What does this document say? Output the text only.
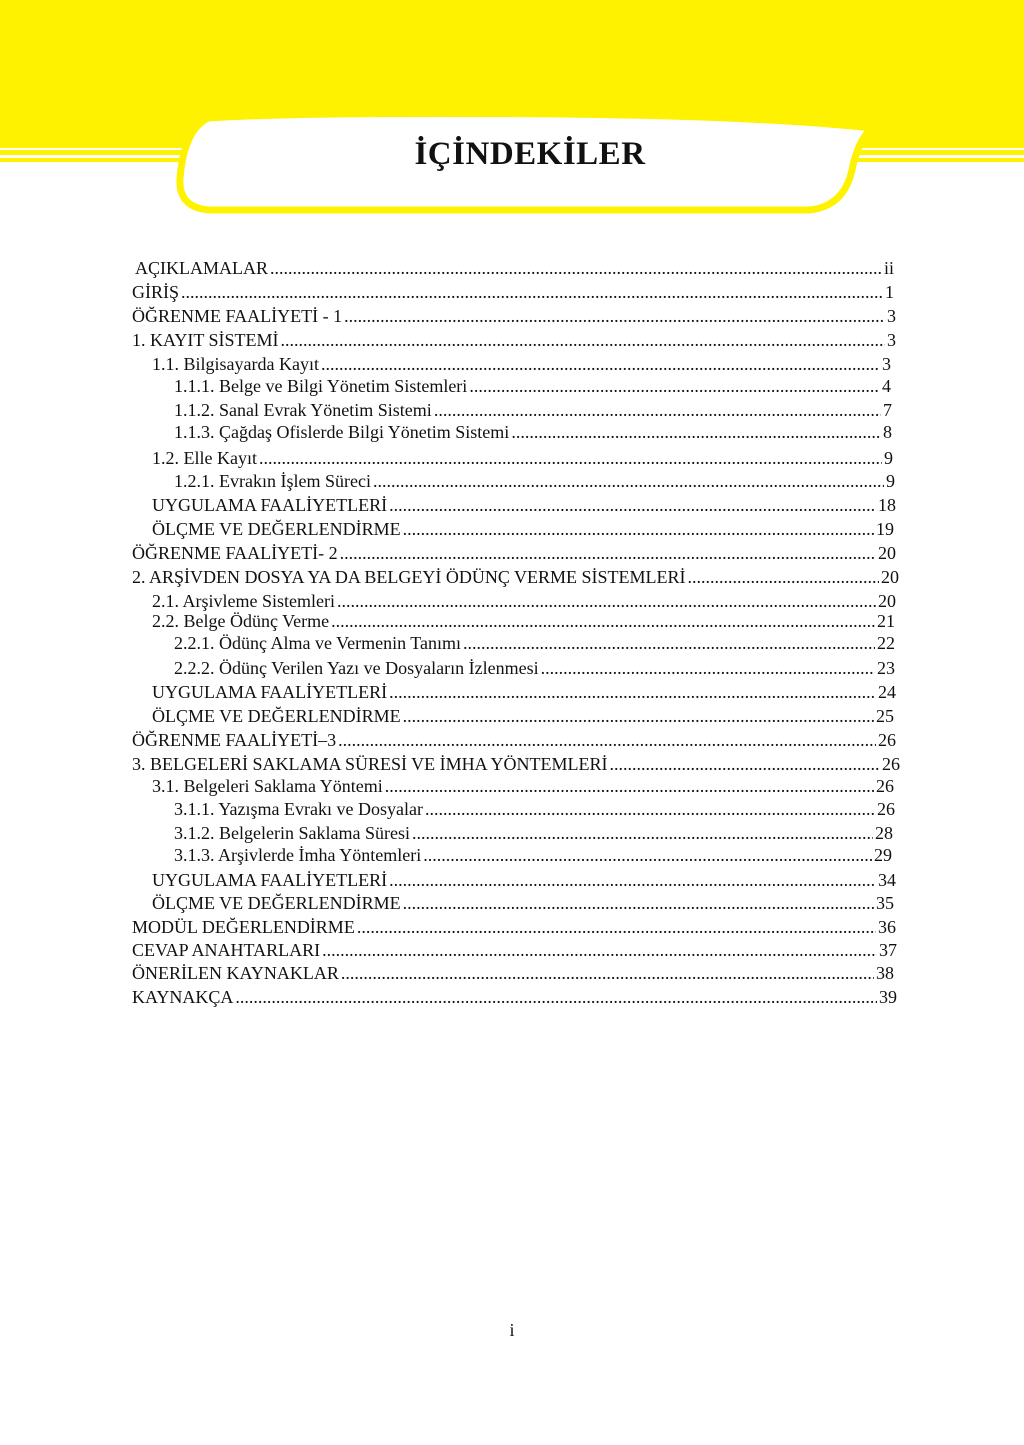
İÇİNDEKİLER
AÇIKLAMALAR .....	ii
GİRİŞ .....	1
ÖĞRENME FAALİYETİ - 1 .....	3
1. KAYIT SİSTEMİ .....	3
1.1. Bilgisayarda Kayıt .....	3
1.1.1. Belge ve Bilgi Yönetim Sistemleri .....	4
1.1.2. Sanal Evrak Yönetim Sistemi .....	7
1.1.3. Çağdaş Ofislerde Bilgi Yönetim Sistemi .....	8
1.2. Elle Kayıt .....	9
1.2.1. Evrakın İşlem Süreci .....	9
UYGULAMA FAALİYETLERİ .....	18
ÖLÇME VE DEĞERLENDİRME .....	19
ÖĞRENME FAALİYETİ- 2 .....	20
2. ARŞİVDEN DOSYA YA DA BELGEYİ ÖDÜNÇ VERME SİSTEMLERİ .....	20
2.1. Arşivleme Sistemleri .....	20
2.2. Belge Ödünç Verme .....	21
2.2.1. Ödünç Alma ve Vermenin Tanımı .....	22
2.2.2. Ödünç Verilen Yazı ve Dosyaların İzlenmesi .....	23
UYGULAMA FAALİYETLERİ .....	24
ÖLÇME VE DEĞERLENDİRME .....	25
ÖĞRENME FAALİYETİ–3 .....	26
3. BELGELERİ SAKLAMA SÜRESİ VE İMHA YÖNTEMLERİ .....	26
3.1. Belgeleri Saklama Yöntemi .....	26
3.1.1. Yazışma Evrakı ve Dosyalar .....	26
3.1.2. Belgelerin Saklama Süresi .....	28
3.1.3. Arşivlerde İmha Yöntemleri .....	29
UYGULAMA FAALİYETLERİ .....	34
ÖLÇME VE DEĞERLENDİRME .....	35
MODÜL DEĞERLENDİRME .....	36
CEVAP ANAHTARLARI .....	37
ÖNERİLEN KAYNAKLAR .....	38
KAYNAKÇA .....	39
i
